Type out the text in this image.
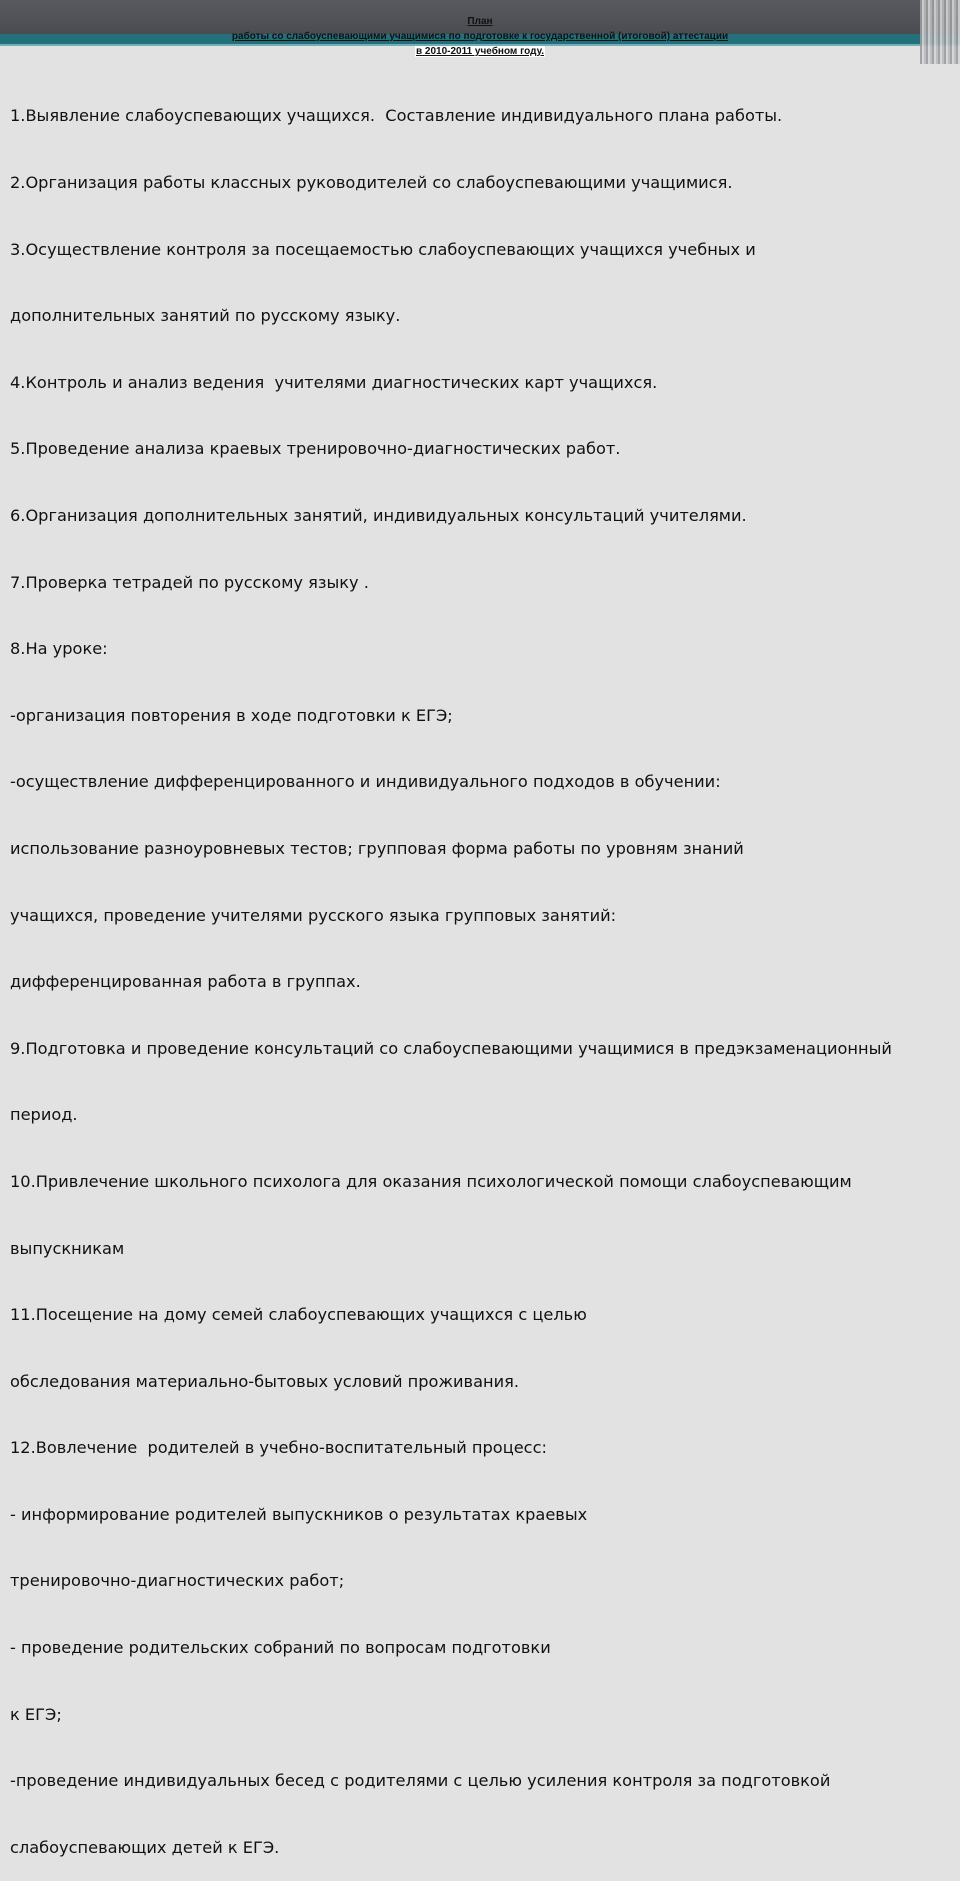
План
работы со слабоуспевающими учащимися по подготовке к государственной (итоговой) аттестации
в 2010-2011 учебном году.

1.Выявление слабоуспевающих учащихся.  Составление индивидуального плана работы.

2.Организация работы классных руководителей со слабоуспевающими учащимися.

3.Осуществление контроля за посещаемостью слабоуспевающих учащихся учебных и

дополнительных занятий по русскому языку.

4.Контроль и анализ ведения  учителями диагностических карт учащихся.

5.Проведение анализа краевых тренировочно-диагностических работ.

6.Организация дополнительных занятий, индивидуальных консультаций учителями.

7.Проверка тетрадей по русскому языку .

8.На уроке:

-организация повторения в ходе подготовки к ЕГЭ;

-осуществление дифференцированного и индивидуального подходов в обучении:

использование разноуровневых тестов; групповая форма работы по уровням знаний

учащихся, проведение учителями русского языка групповых занятий:

дифференцированная работа в группах.

9.Подготовка и проведение консультаций со слабоуспевающими учащимися в предэкзаменационный

период.

10.Привлечение школьного психолога для оказания психологической помощи слабоуспевающим

выпускникам

11.Посещение на дому семей слабоуспевающих учащихся с целью

обследования материально-бытовых условий проживания.

12.Вовлечение  родителей в учебно-воспитательный процесс:

- информирование родителей выпускников о результатах краевых

тренировочно-диагностических работ;

- проведение родительских собраний по вопросам подготовки

к ЕГЭ;

-проведение индивидуальных бесед с родителями с целью усиления контроля за подготовкой

слабоуспевающих детей к ЕГЭ.
